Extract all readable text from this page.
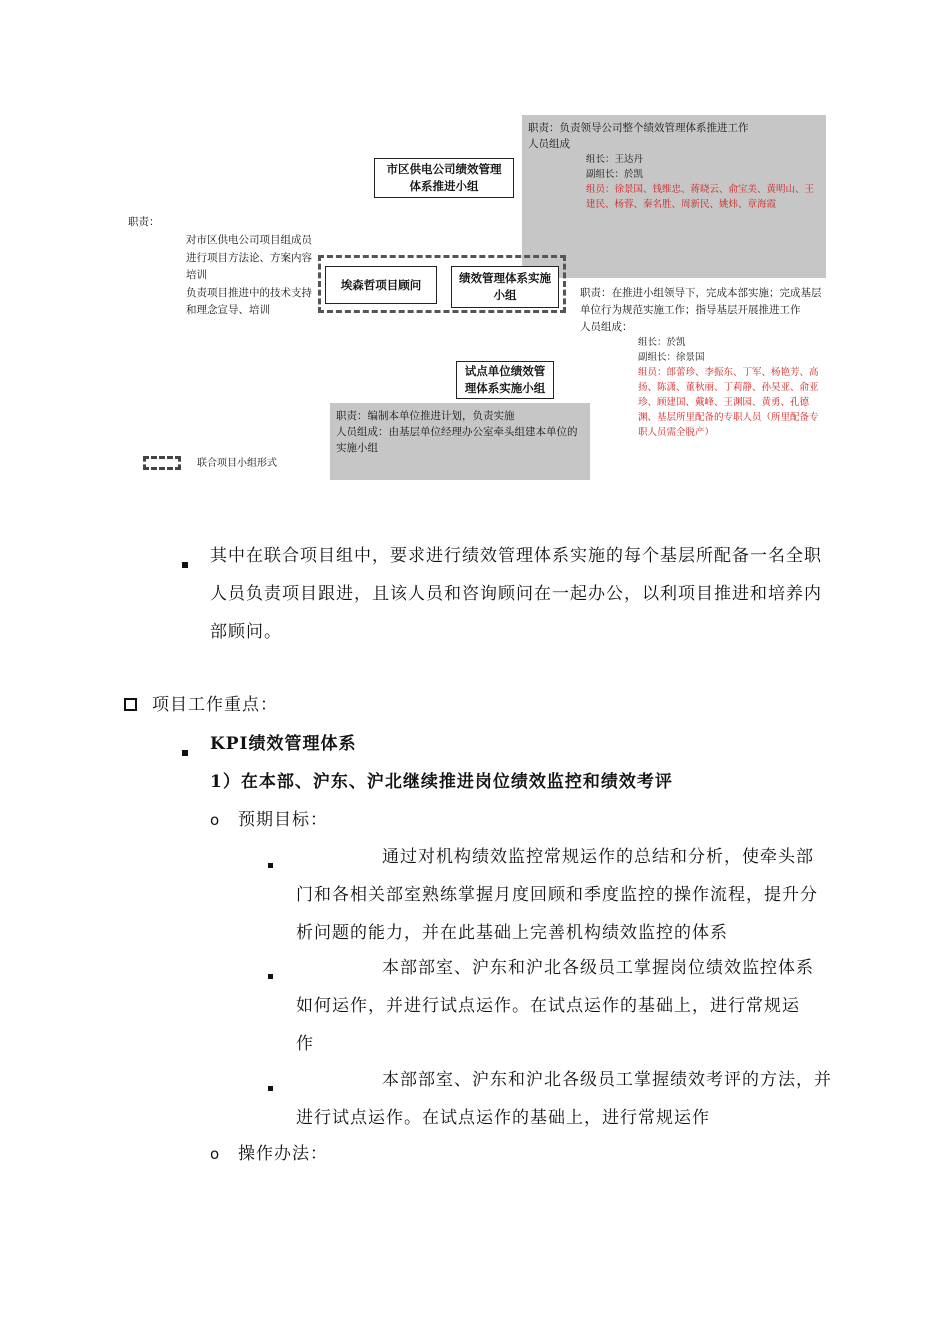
职责：负责领导公司整个绩效管理体系推进工作
人员组成
组长：王达丹
副组长：於凯
组员：徐景国、钱维忠、蒋晓云、俞宝美、黄明山、王建民、杨蓉、秦名胜、周新民、姚炜、章海霞
市区供电公司绩效管理体系推进小组
职责：
对市区供电公司项目组成员进行项目方法论、方案内容培训
负责项目推进中的技术支持和理念宣导、培训
埃森哲项目顾问	绩效管理体系实施小组	职责：在推进小组领导下，完成本部实施；完成基层单位行为规范实施工作；指导基层开展推进工作
人员组成：
组长：於凯
副组长：徐景国
组员：郎蕾珍、李振东、丁军、杨艳芳、高扬、陈潇、董秋丽、丁莉静、孙昊亚、俞亚珍、顾建国、戴峰、王渊园、黄勇、孔德渊、基层所里配备的专职人员（所里配备专职人员需全脱产）
试点单位绩效管理体系实施小组
职责：编制本单位推进计划，负责实施
人员组成：由基层单位经理办公室牵头组建本单位的实施小组
联合项目小组形式
其中在联合项目组中，要求进行绩效管理体系实施的每个基层所配备一名全职人员负责项目跟进，且该人员和咨询顾问在一起办公，以利项目推进和培养内部顾问。
项目工作重点：
KPI绩效管理体系
1）在本部、沪东、沪北继续推进岗位绩效监控和绩效考评
o 预期目标：
通过对机构绩效监控常规运作的总结和分析，使牵头部门和各相关部室熟练掌握月度回顾和季度监控的操作流程，提升分析问题的能力，并在此基础上完善机构绩效监控的体系
本部部室、沪东和沪北各级员工掌握岗位绩效监控体系如何运作，并进行试点运作。在试点运作的基础上，进行常规运作
本部部室、沪东和沪北各级员工掌握绩效考评的方法，并进行试点运作。在试点运作的基础上，进行常规运作
o 操作办法：
